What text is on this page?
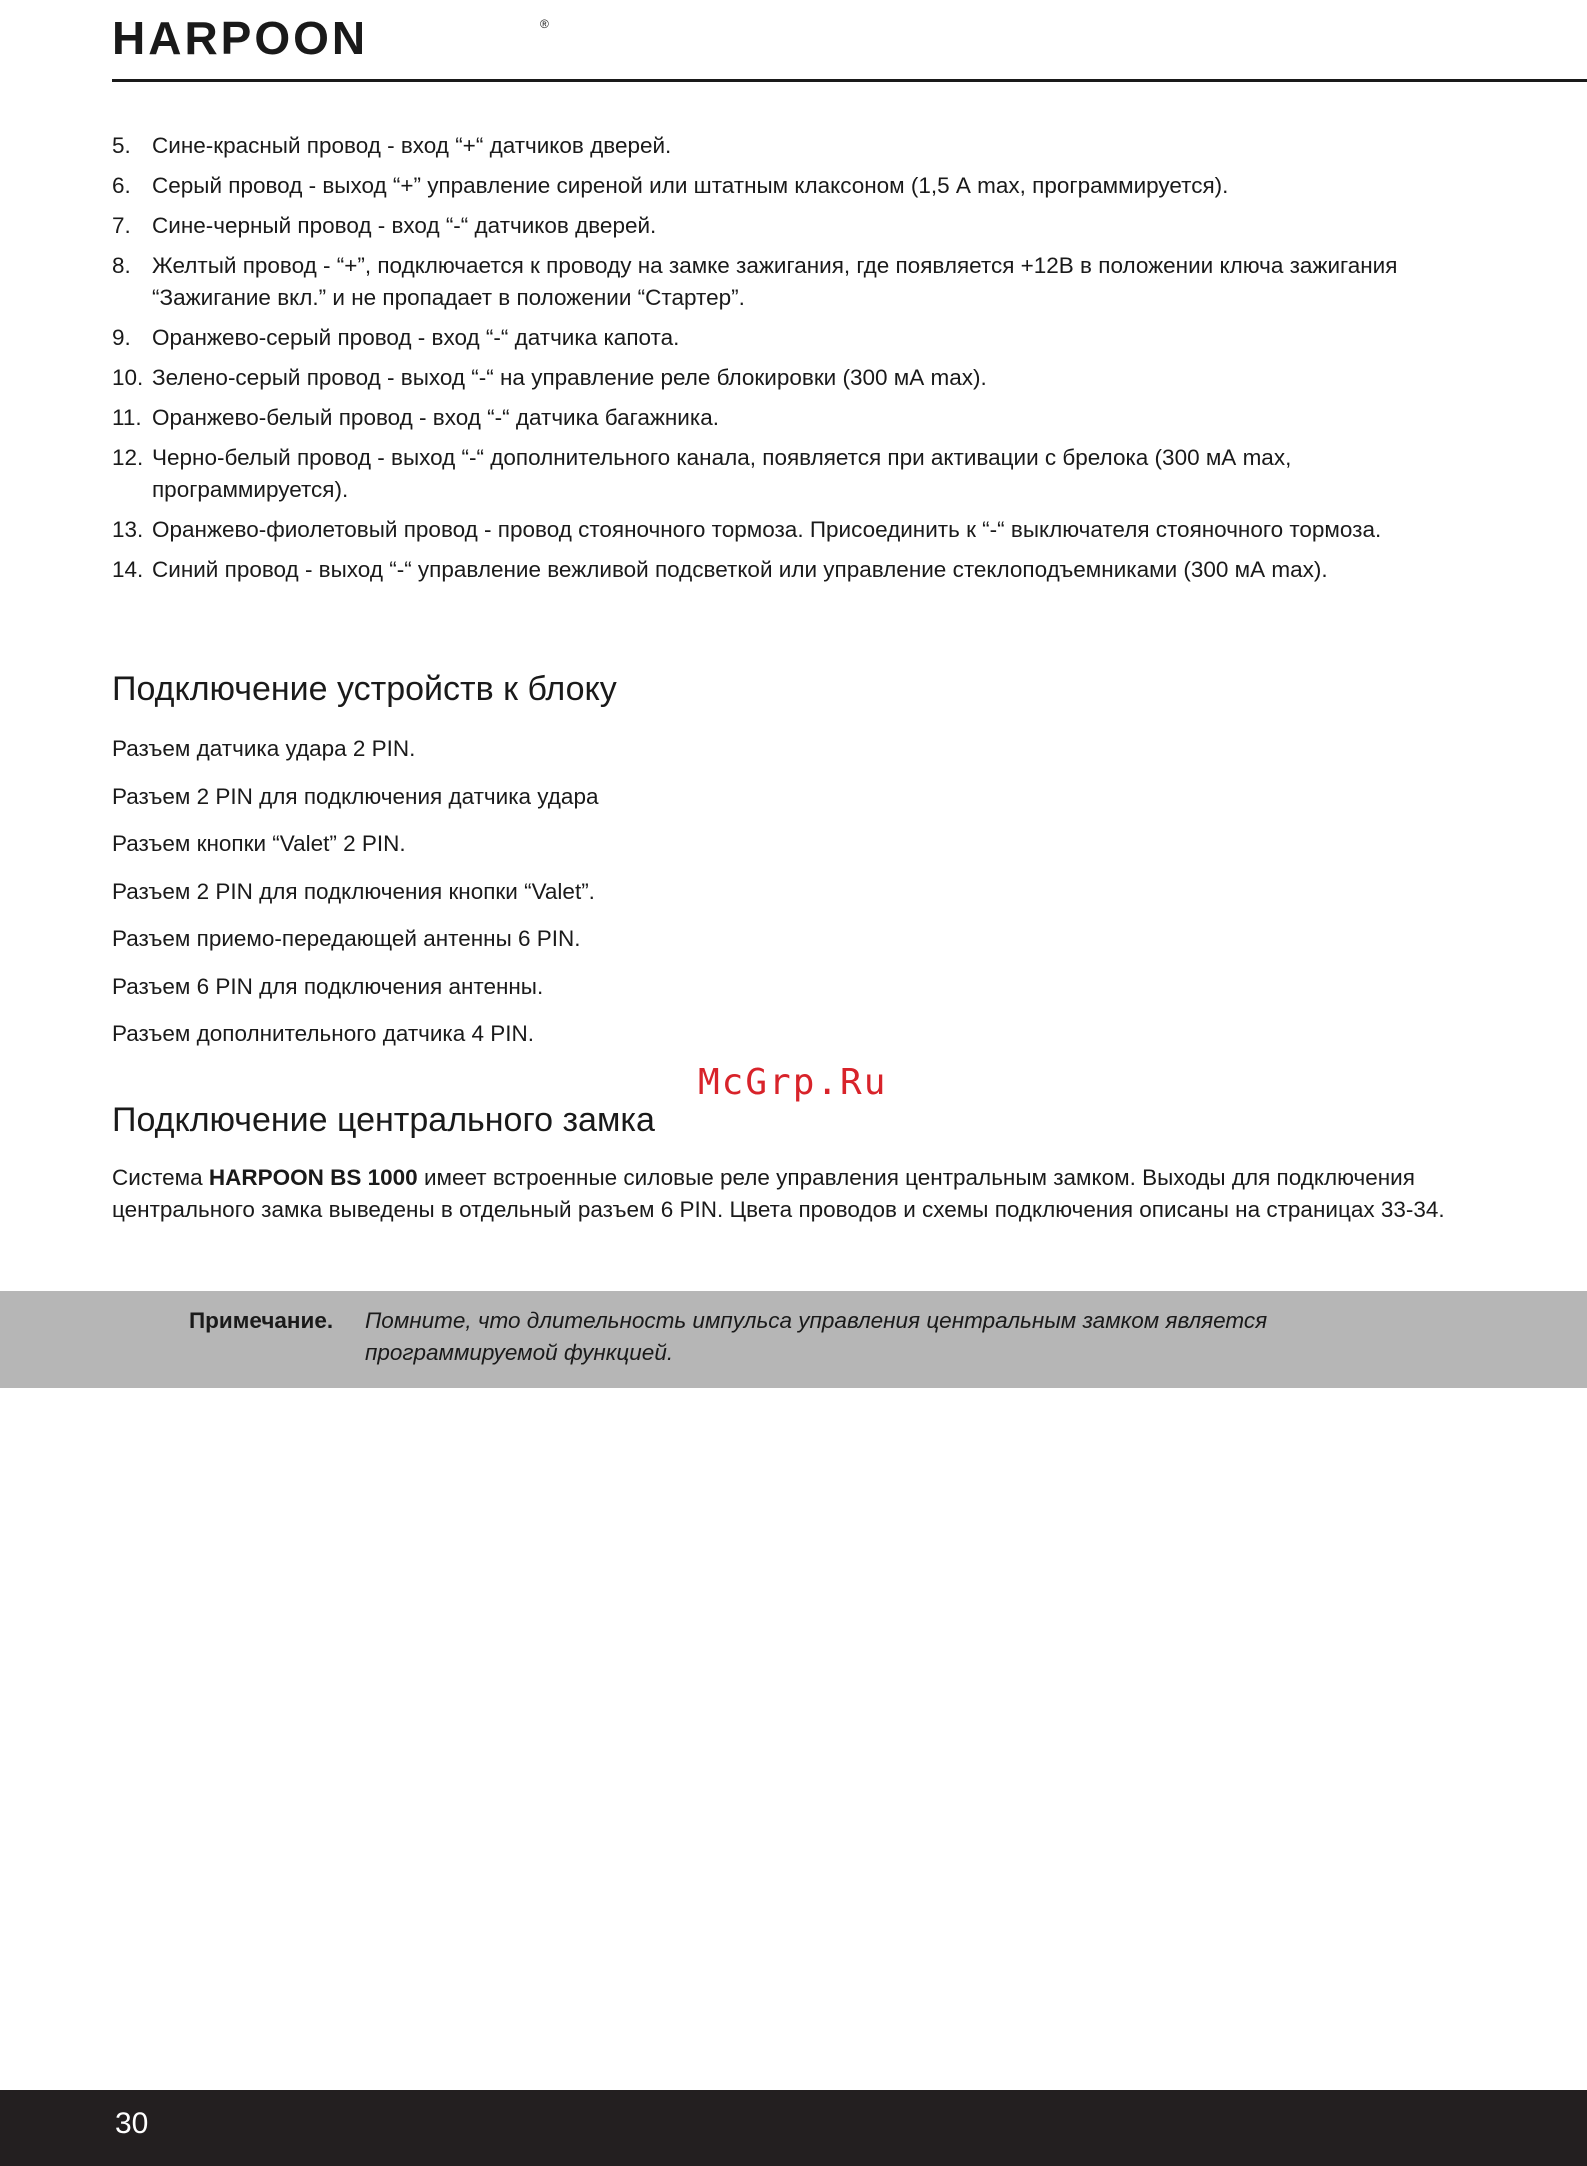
HARPOON	®
5. Сине-красный провод - вход “+“ датчиков дверей.
6. Серый провод - выход “+” управление сиреной или штатным клаксоном (1,5 А max, программируется).
7. Сине-черный провод - вход “-“ датчиков дверей.
8. Желтый провод - “+”, подключается к проводу на замке зажигания, где появляется +12В в положении ключа зажигания “Зажигание вкл.” и не пропадает в положении “Стартер”.
9. Оранжево-серый провод - вход “-“ датчика капота.
10. Зелено-серый провод - выход “-“ на управление реле блокировки (300 мА max).
11. Оранжево-белый провод - вход “-“ датчика багажника.
12. Черно-белый провод - выход “-“ дополнительного канала, появляется при активации с брелока (300 мА max, программируется).
13. Оранжево-фиолетовый провод - провод стояночного тормоза. Присоединить к “-“ выключателя стояночного тормоза.
14. Синий провод - выход “-“ управление вежливой подсветкой или управление стеклоподъемниками (300 мА max).
Подключение устройств к блоку
Разъем датчика удара 2 PIN.
Разъем 2 PIN для подключения датчика удара
Разъем кнопки “Valet” 2 PIN.
Разъем 2 PIN для подключения кнопки “Valet”.
Разъем приемо-передающей антенны 6 PIN.
Разъем 6 PIN для подключения антенны.
Разъем дополнительного датчика 4 PIN.
McGrp.Ru
Подключение центрального замка

Система HARPOON BS 1000 имеет встроенные силовые реле управления центральным замком. Выходы для подключения центрального замка выведены в отдельный разъем 6 PIN. Цвета проводов и схемы подключения описаны на страницах 33-34.

Примечание. Помните, что длительность импульса управления центральным замком является программируемой функцией.

30
